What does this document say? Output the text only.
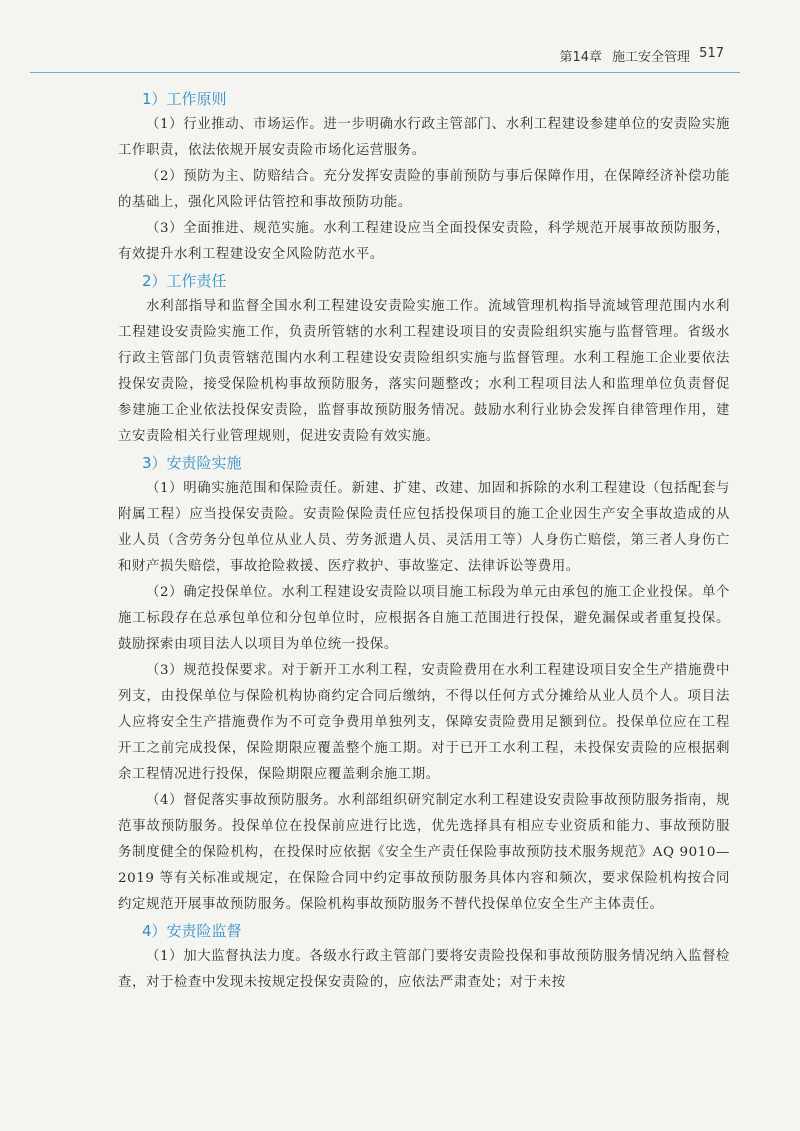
第14章 施工安全管理 517
1）工作原则

（1）行业推动、市场运作。进一步明确水行政主管部门、水利工程建设参建单位的安责险实施工作职责，依法依规开展安责险市场化运营服务。

（2）预防为主、防赔结合。充分发挥安责险的事前预防与事后保障作用，在保障经济补偿功能的基础上，强化风险评估管控和事故预防功能。

（3）全面推进、规范实施。水利工程建设应当全面投保安责险，科学规范开展事故预防服务，有效提升水利工程建设安全风险防范水平。

2）工作责任

水利部指导和监督全国水利工程建设安责险实施工作。流域管理机构指导流域管理范围内水利工程建设安责险实施工作，负责所管辖的水利工程建设项目的安责险组织实施与监督管理。省级水行政主管部门负责管辖范围内水利工程建设安责险组织实施与监督管理。水利工程施工企业要依法投保安责险，接受保险机构事故预防服务，落实问题整改；水利工程项目法人和监理单位负责督促参建施工企业依法投保安责险，监督事故预防服务情况。鼓励水利行业协会发挥自律管理作用，建立安责险相关行业管理规则，促进安责险有效实施。

3）安责险实施

（1）明确实施范围和保险责任。新建、扩建、改建、加固和拆除的水利工程建设（包括配套与附属工程）应当投保安责险。安责险保险责任应包括投保项目的施工企业因生产安全事故造成的从业人员（含劳务分包单位从业人员、劳务派遣人员、灵活用工等）人身伤亡赔偿，第三者人身伤亡和财产损失赔偿，事故抢险救援、医疗救护、事故鉴定、法律诉讼等费用。

（2）确定投保单位。水利工程建设安责险以项目施工标段为单元由承包的施工企业投保。单个施工标段存在总承包单位和分包单位时，应根据各自施工范围进行投保，避免漏保或者重复投保。鼓励探索由项目法人以项目为单位统一投保。

（3）规范投保要求。对于新开工水利工程，安责险费用在水利工程建设项目安全生产措施费中列支，由投保单位与保险机构协商约定合同后缴纳，不得以任何方式分摊给从业人员个人。项目法人应将安全生产措施费作为不可竞争费用单独列支，保障安责险费用足额到位。投保单位应在工程开工之前完成投保，保险期限应覆盖整个施工期。对于已开工水利工程，未投保安责险的应根据剩余工程情况进行投保，保险期限应覆盖剩余施工期。

（4）督促落实事故预防服务。水利部组织研究制定水利工程建设安责险事故预防服务指南，规范事故预防服务。投保单位在投保前应进行比选，优先选择具有相应专业资质和能力、事故预防服务制度健全的保险机构，在投保时应依据《安全生产责任保险事故预防技术服务规范》AQ 9010—2019 等有关标准或规定，在保险合同中约定事故预防服务具体内容和频次，要求保险机构按合同约定规范开展事故预防服务。保险机构事故预防服务不替代投保单位安全生产主体责任。

4）安责险监督

（1）加大监督执法力度。各级水行政主管部门要将安责险投保和事故预防服务情况纳入监督检查，对于检查中发现未按规定投保安责险的，应依法严肃查处；对于未按
